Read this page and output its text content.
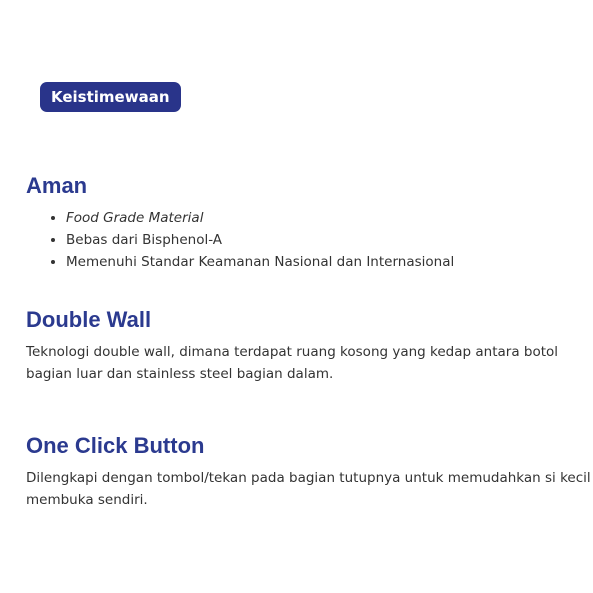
Keistimewaan
Aman
Food Grade Material
Bebas dari Bisphenol-A
Memenuhi Standar Keamanan Nasional dan Internasional
Double Wall
Teknologi double wall, dimana terdapat ruang kosong yang kedap antara botol
bagian luar dan stainless steel bagian dalam.
One Click Button
Dilengkapi dengan tombol/tekan pada bagian tutupnya untuk memudahkan si kecil
membuka sendiri.
